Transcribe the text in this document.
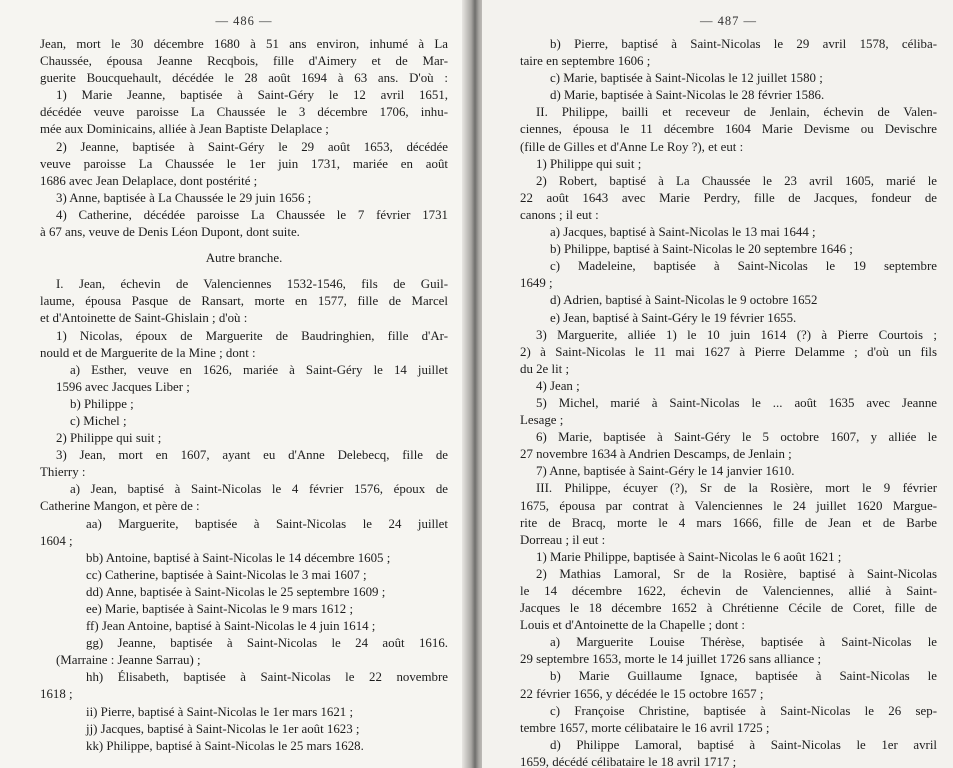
— 486 —
Jean, mort le 30 décembre 1680 à 51 ans environ, inhumé à La
Chaussée, épousa Jeanne Recqbois, fille d'Aimery et de Mar-
guerite Boucquehault, décédée le 28 août 1694 à 63 ans. D'où :
1) Marie Jeanne, baptisée à Saint-Géry le 12 avril 1651,
décédée veuve paroisse La Chaussée le 3 décembre 1706, inhu-
mée aux Dominicains, alliée à Jean Baptiste Delaplace ;
2) Jeanne, baptisée à Saint-Géry le 29 août 1653, décédée
veuve paroisse La Chaussée le 1er juin 1731, mariée en août
1686 avec Jean Delaplace, dont postérité ;
3) Anne, baptisée à La Chaussée le 29 juin 1656 ;
4) Catherine, décédée paroisse La Chaussée le 7 février 1731
à 67 ans, veuve de Denis Léon Dupont, dont suite.
Autre branche.
I. Jean, échevin de Valenciennes 1532-1546, fils de Guil-
laume, épousa Pasque de Ransart, morte en 1577, fille de Marcel
et d'Antoinette de Saint-Ghislain ; d'où :
1) Nicolas, époux de Marguerite de Baudringhien, fille d'Ar-
nould et de Marguerite de la Mine ; dont :
a) Esther, veuve en 1626, mariée à Saint-Géry le 14 juillet
1596 avec Jacques Liber ;
b) Philippe ;
c) Michel ;
2) Philippe qui suit ;
3) Jean, mort en 1607, ayant eu d'Anne Delebecq, fille de
Thierry :
a) Jean, baptisé à Saint-Nicolas le 4 février 1576, époux de
Catherine Mangon, et père de :
aa) Marguerite, baptisée à Saint-Nicolas le 24 juillet
1604 ;
bb) Antoine, baptisé à Saint-Nicolas le 14 décembre 1605 ;
cc) Catherine, baptisée à Saint-Nicolas le 3 mai 1607 ;
dd) Anne, baptisée à Saint-Nicolas le 25 septembre 1609 ;
ee) Marie, baptisée à Saint-Nicolas le 9 mars 1612 ;
ff) Jean Antoine, baptisé à Saint-Nicolas le 4 juin 1614 ;
gg) Jeanne, baptisée à Saint-Nicolas le 24 août 1616.
(Marraine : Jeanne Sarrau) ;
hh) Élisabeth, baptisée à Saint-Nicolas le 22 novembre
1618 ;
ii) Pierre, baptisé à Saint-Nicolas le 1er mars 1621 ;
jj) Jacques, baptisé à Saint-Nicolas le 1er août 1623 ;
kk) Philippe, baptisé à Saint-Nicolas le 25 mars 1628.
— 487 —
b) Pierre, baptisé à Saint-Nicolas le 29 avril 1578, céliba-
taire en septembre 1606 ;
c) Marie, baptisée à Saint-Nicolas le 12 juillet 1580 ;
d) Marie, baptisée à Saint-Nicolas le 28 février 1586.
II. Philippe, bailli et receveur de Jenlain, échevin de Valen-
ciennes, épousa le 11 décembre 1604 Marie Devisme ou Devischre
(fille de Gilles et d'Anne Le Roy ?), et eut :
1) Philippe qui suit ;
2) Robert, baptisé à La Chaussée le 23 avril 1605, marié le
22 août 1643 avec Marie Perdry, fille de Jacques, fondeur de
canons ; il eut :
a) Jacques, baptisé à Saint-Nicolas le 13 mai 1644 ;
b) Philippe, baptisé à Saint-Nicolas le 20 septembre 1646 ;
c) Madeleine, baptisée à Saint-Nicolas le 19 septembre
1649 ;
d) Adrien, baptisé à Saint-Nicolas le 9 octobre 1652
e) Jean, baptisé à Saint-Géry le 19 février 1655.
3) Marguerite, alliée 1) le 10 juin 1614 (?) à Pierre Courtois ;
2) à Saint-Nicolas le 11 mai 1627 à Pierre Delamme ; d'où un fils
du 2e lit ;
4) Jean ;
5) Michel, marié à Saint-Nicolas le ... août 1635 avec Jeanne
Lesage ;
6) Marie, baptisée à Saint-Géry le 5 octobre 1607, y alliée le
27 novembre 1634 à Andrien Descamps, de Jenlain ;
7) Anne, baptisée à Saint-Géry le 14 janvier 1610.
III. Philippe, écuyer (?), Sr de la Rosière, mort le 9 février
1675, épousa par contrat à Valenciennes le 24 juillet 1620 Margue-
rite de Bracq, morte le 4 mars 1666, fille de Jean et de Barbe
Dorreau ; il eut :
1) Marie Philippe, baptisée à Saint-Nicolas le 6 août 1621 ;
2) Mathias Lamoral, Sr de la Rosière, baptisé à Saint-Nicolas
le 14 décembre 1622, échevin de Valenciennes, allié à Saint-
Jacques le 18 décembre 1652 à Chrétienne Cécile de Coret, fille de
Louis et d'Antoinette de la Chapelle ; dont :
a) Marguerite Louise Thérèse, baptisée à Saint-Nicolas le
29 septembre 1653, morte le 14 juillet 1726 sans alliance ;
b) Marie Guillaume Ignace, baptisée à Saint-Nicolas le
22 février 1656, y décédée le 15 octobre 1657 ;
c) Françoise Christine, baptisée à Saint-Nicolas le 26 sep-
tembre 1657, morte célibataire le 16 avril 1725 ;
d) Philippe Lamoral, baptisé à Saint-Nicolas le 1er avril
1659, décédé célibataire le 18 avril 1717 ;
